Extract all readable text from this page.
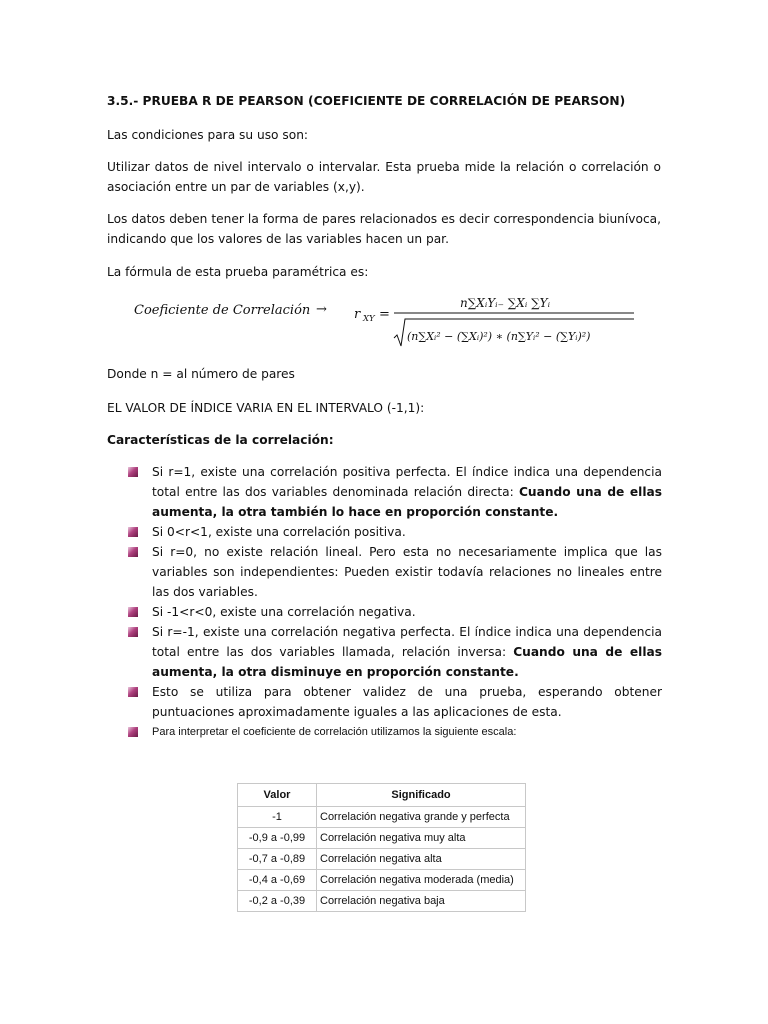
3.5.- PRUEBA R DE PEARSON (COEFICIENTE DE CORRELACIÓN DE PEARSON)

Las condiciones para su uso son:

Utilizar datos de nivel intervalo o intervalar. Esta prueba mide la relación o correlación o asociación entre un par de variables (x,y).

Los datos deben tener la forma de pares relacionados es decir correspondencia biunívoca, indicando que los valores de las variables hacen un par.

La fórmula de esta prueba paramétrica es:

Coeficiente de Correlación → r XY =
n∑XᵢYᵢ₋ ∑Xᵢ ∑Yᵢ
(n∑Xᵢ² − (∑Xᵢ)²) ∗ (n∑Yᵢ² − (∑Yᵢ)²)

Donde n = al número de pares

EL VALOR DE ÍNDICE VARIA EN EL INTERVALO (-1,1):

Características de la correlación:

Si r=1, existe una correlación positiva perfecta. El índice indica una dependencia total entre las dos variables denominada relación directa: Cuando una de ellas aumenta, la otra también lo hace en proporción constante.
Si 0<r<1, existe una correlación positiva.
Si r=0, no existe relación lineal. Pero esta no necesariamente implica que las variables son independientes: Pueden existir todavía relaciones no lineales entre las dos variables.
Si -1<r<0, existe una correlación negativa.
Si r=-1, existe una correlación negativa perfecta. El índice indica una dependencia total entre las dos variables llamada, relación inversa: Cuando una de ellas aumenta, la otra disminuye en proporción constante.
Esto se utiliza para obtener validez de una prueba, esperando obtener puntuaciones aproximadamente iguales a las aplicaciones de esta.
Para interpretar el coeficiente de correlación utilizamos la siguiente escala:
Valor	Significado
-1	Correlación negativa grande y perfecta
-0,9 a -0,99	Correlación negativa muy alta
-0,7 a -0,89	Correlación negativa alta
-0,4 a -0,69	Correlación negativa moderada (media)
-0,2 a -0,39	Correlación negativa baja
